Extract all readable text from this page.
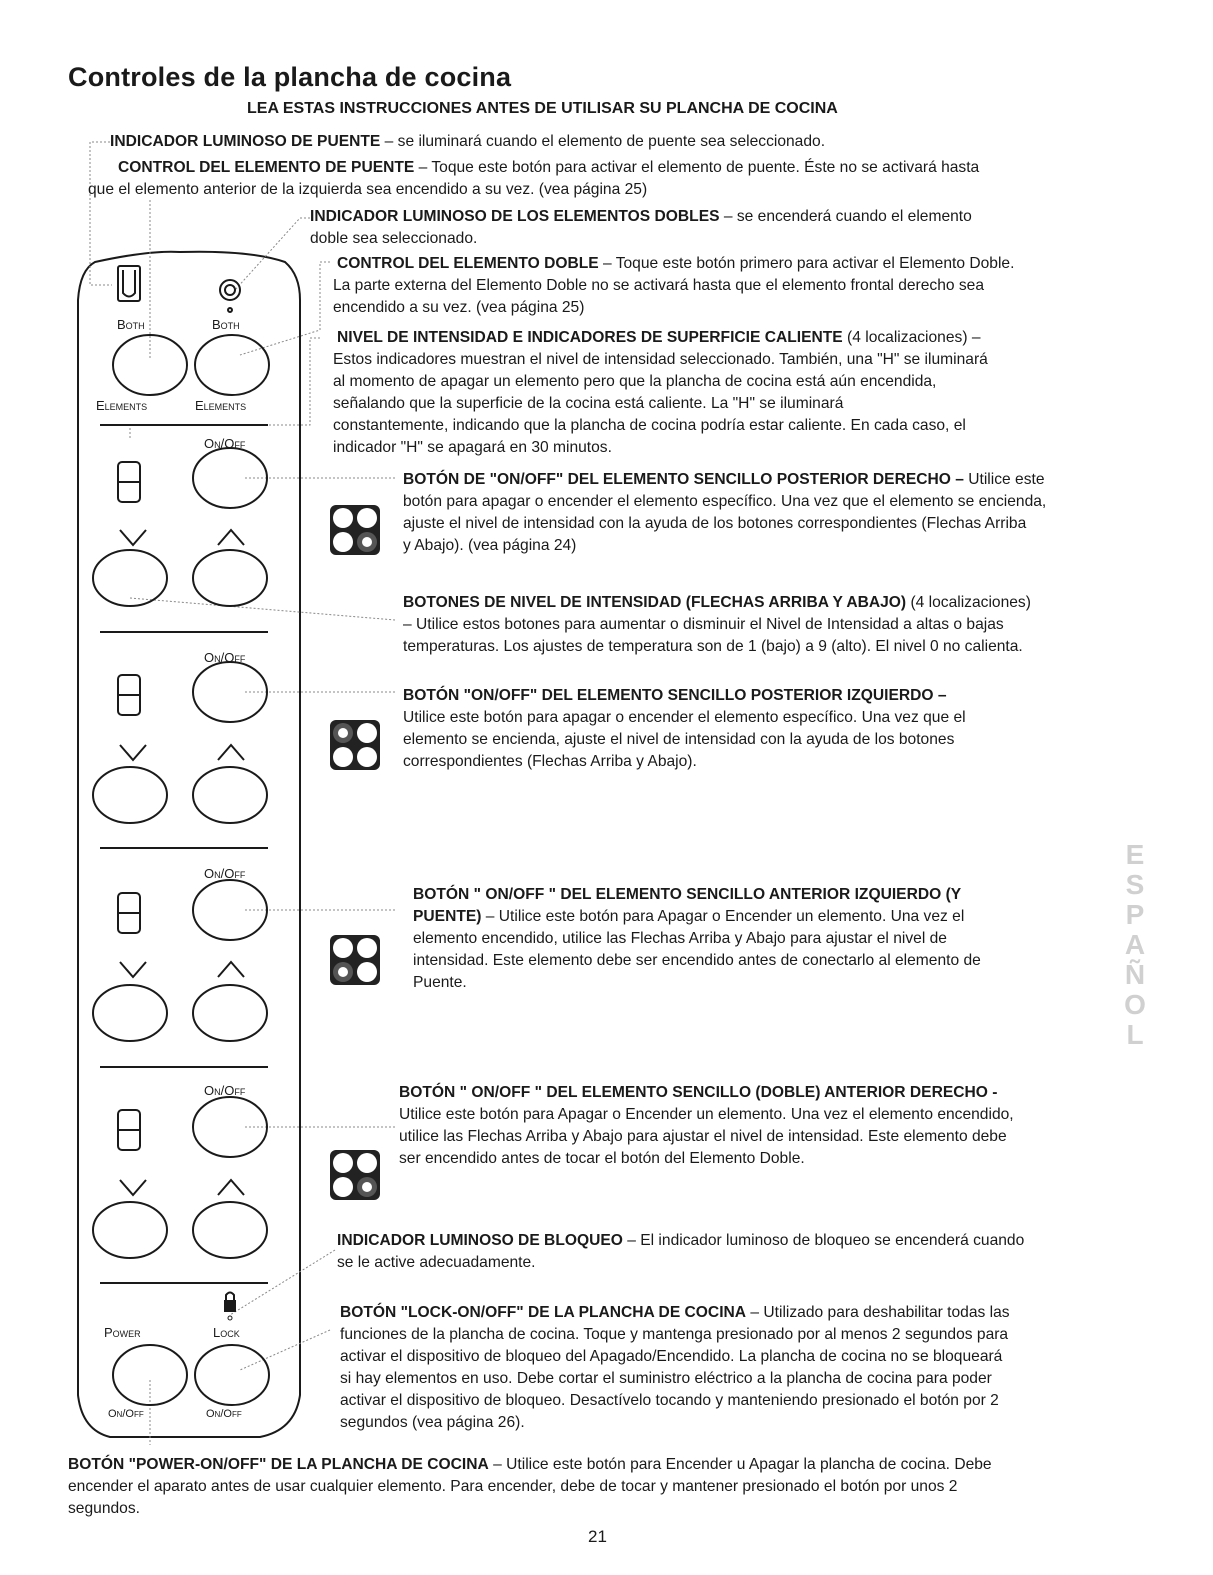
Controles de la plancha de cocina
LEA ESTAS INSTRUCCIONES ANTES DE UTILISAR SU PLANCHA DE COCINA
Both	Both
Elements	Elements
On/Off
On/Off
On/Off
On/Off
Power	Lock
On/Off	On/Off
INDICADOR LUMINOSO DE PUENTE – se iluminará cuando el elemento de puente sea seleccionado.
CONTROL DEL ELEMENTO DE PUENTE – Toque este botón para activar el elemento de puente. Éste no se activará hasta
que el elemento anterior de la izquierda sea encendido a su vez. (vea página 25)
INDICADOR LUMINOSO DE LOS ELEMENTOS DOBLES – se encenderá cuando el elemento
doble sea seleccionado.
CONTROL DEL ELEMENTO DOBLE – Toque este botón primero para activar el Elemento Doble.
La parte externa del Elemento Doble no se activará hasta que el elemento frontal derecho sea
encendido a su vez. (vea página 25)
NIVEL DE INTENSIDAD E INDICADORES DE SUPERFICIE CALIENTE (4 localizaciones) –
Estos indicadores muestran el nivel de intensidad seleccionado. También, una "H" se iluminará
al momento de apagar un elemento pero que la plancha de cocina está aún encendida,
señalando que la superficie de la cocina está caliente. La "H" se iluminará
constantemente, indicando que la plancha de cocina podría estar caliente. En cada caso, el
indicador "H" se apagará en 30 minutos.
BOTÓN DE "ON/OFF" DEL ELEMENTO SENCILLO POSTERIOR DERECHO – Utilice este
botón para apagar o encender el elemento específico. Una vez que el elemento se encienda,
ajuste el nivel de intensidad con la ayuda de los botones correspondientes (Flechas Arriba
y Abajo). (vea página 24)
BOTONES DE NIVEL DE INTENSIDAD (FLECHAS ARRIBA Y ABAJO) (4 localizaciones)
– Utilice estos botones para aumentar o disminuir el Nivel de Intensidad a altas o bajas
temperaturas. Los ajustes de temperatura son de 1 (bajo) a 9 (alto). El nivel 0 no calienta.
BOTÓN "ON/OFF" DEL ELEMENTO SENCILLO POSTERIOR IZQUIERDO –
Utilice este botón para apagar o encender el elemento específico. Una vez que el
elemento se encienda, ajuste el nivel de intensidad con la ayuda de los botones
correspondientes (Flechas Arriba y Abajo).
BOTÓN " ON/OFF " DEL ELEMENTO SENCILLO ANTERIOR IZQUIERDO (Y
PUENTE) – Utilice este botón para Apagar o Encender un elemento. Una vez el
elemento encendido, utilice las Flechas Arriba y Abajo para ajustar el nivel de
intensidad. Este elemento debe ser encendido antes de conectarlo al elemento de
Puente.
BOTÓN " ON/OFF " DEL ELEMENTO SENCILLO (DOBLE) ANTERIOR DERECHO -
Utilice este botón para Apagar o Encender un elemento. Una vez el elemento encendido,
utilice las Flechas Arriba y Abajo para ajustar el nivel de intensidad. Este elemento debe
ser encendido antes de tocar el botón del Elemento Doble.
INDICADOR LUMINOSO DE BLOQUEO – El indicador luminoso de bloqueo se encenderá cuando
se le active adecuadamente.
BOTÓN "LOCK-ON/OFF" DE LA PLANCHA DE COCINA – Utilizado para deshabilitar todas las
funciones de la plancha de cocina. Toque y mantenga presionado por al menos 2 segundos para
activar el dispositivo de bloqueo del Apagado/Encendido. La plancha de cocina no se bloqueará
si hay elementos en uso. Debe cortar el suministro eléctrico a la plancha de cocina para poder
activar el dispositivo de bloqueo. Desactívelo tocando y manteniendo presionado el botón por 2
segundos (vea página 26).
BOTÓN "POWER-ON/OFF" DE LA PLANCHA DE COCINA – Utilice este botón para Encender u Apagar la plancha de cocina. Debe
encender el aparato antes de usar cualquier elemento. Para encender, debe de tocar y mantener presionado el botón por unos 2
segundos.
E
S
P
A
Ñ
O
L
21
